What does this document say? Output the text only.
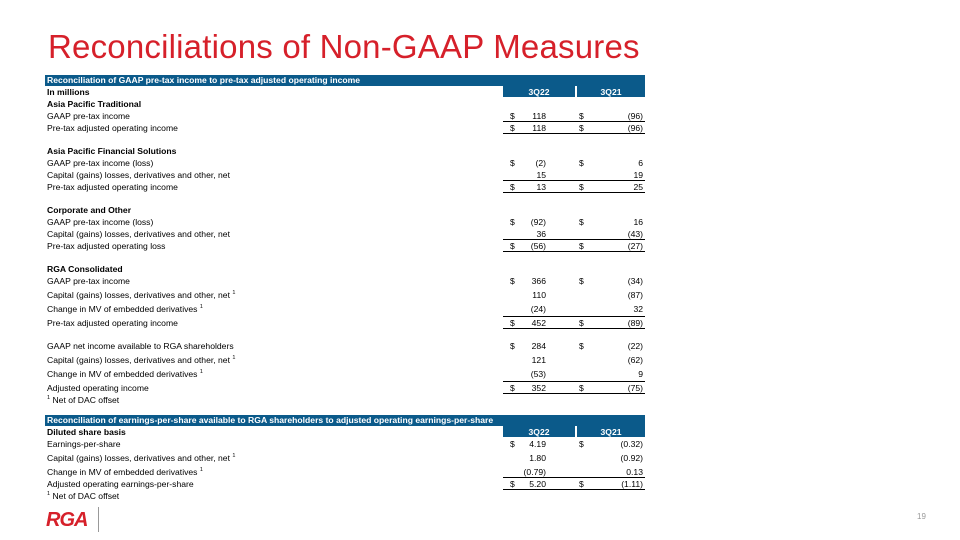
Reconciliations of Non-GAAP Measures
Reconciliation of GAAP pre-tax income to pre-tax adjusted operating income
In millions	3Q22	3Q21
Asia Pacific Traditional
GAAP pre-tax income	$ 118	$	(96)
Pre-tax adjusted operating income	$ 118	$	(96)
Asia Pacific Financial Solutions
GAAP pre-tax income (loss)	$ (2)	$	6
Capital (gains) losses, derivatives and other, net	15	19
Pre-tax adjusted operating income	$	13	$	25
Corporate and Other
GAAP pre-tax income (loss)	$ (92)	$	16
Capital (gains) losses, derivatives and other, net	36	(43)
Pre-tax adjusted operating loss	$ (56)	$	(27)
RGA Consolidated
GAAP pre-tax income	$ 366	$	(34)
Capital (gains) losses, derivatives and other, net $^1$	110	(87)
Change in MV of embedded derivatives $^1$	(24)	32
Pre-tax adjusted operating income	$ 452	$	(89)
GAAP net income available to RGA shareholders	$ 284	$	(22)
Capital (gains) losses, derivatives and other, net $^1$	121	(62)
Change in MV of embedded derivatives $^1$	(53)	9
Adjusted operating income	$ 352	$	(75)
$^1$ Net of DAC offset
Reconciliation of earnings-per-share available to RGA shareholders to adjusted operating earnings-per-share
Diluted share basis	3Q22	3Q21
Earnings-per-share	$ 4.19	$	(0.32)
Capital (gains) losses, derivatives and other, net $^1$	1.80	(0.92)
Change in MV of embedded derivatives $^1$	(0.79)	0.13
Adjusted operating earnings-per-share	$ 5.20	$	(1.11)
$^1$ Net of DAC offset
RGA	19
